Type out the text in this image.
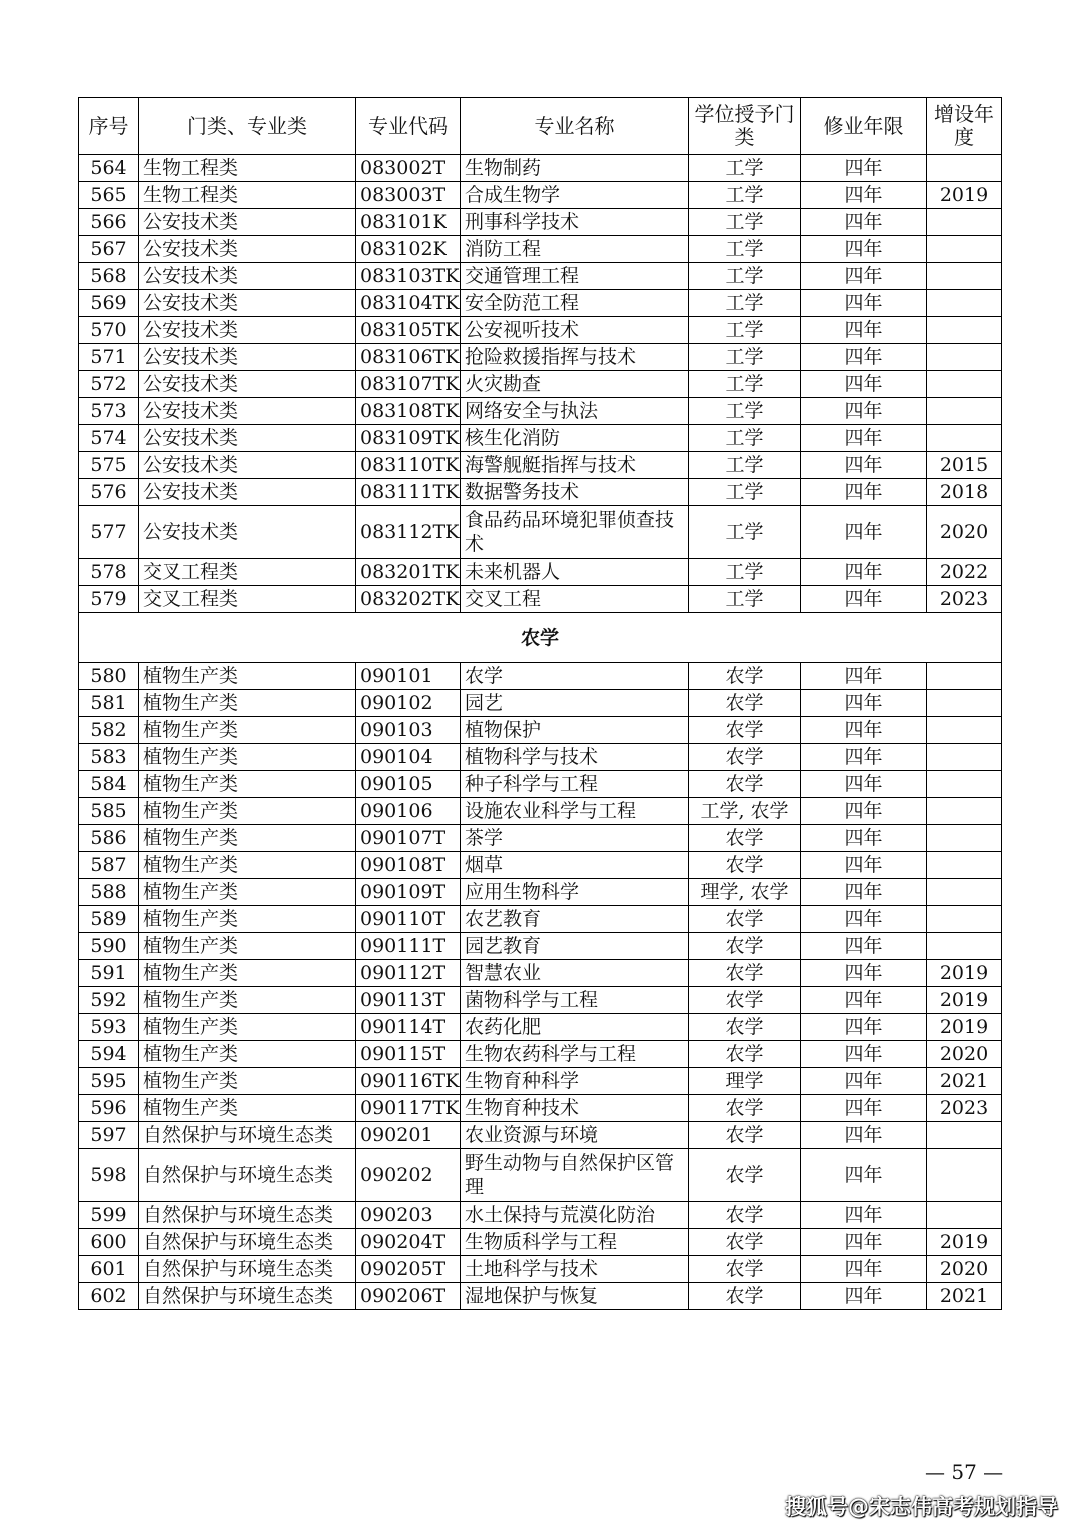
序号	门类、专业类	专业代码	专业名称	学位授予门类	修业年限	增设年度
564	生物工程类	083002T	生物制药	工学	四年	
565	生物工程类	083003T	合成生物学	工学	四年	2019
566	公安技术类	083101K	刑事科学技术	工学	四年	
567	公安技术类	083102K	消防工程	工学	四年	
568	公安技术类	083103TK	交通管理工程	工学	四年	
569	公安技术类	083104TK	安全防范工程	工学	四年	
570	公安技术类	083105TK	公安视听技术	工学	四年	
571	公安技术类	083106TK	抢险救援指挥与技术	工学	四年	
572	公安技术类	083107TK	火灾勘查	工学	四年	
573	公安技术类	083108TK	网络安全与执法	工学	四年	
574	公安技术类	083109TK	核生化消防	工学	四年	
575	公安技术类	083110TK	海警舰艇指挥与技术	工学	四年	2015
576	公安技术类	083111TK	数据警务技术	工学	四年	2018
577	公安技术类	083112TK	食品药品环境犯罪侦查技术	工学	四年	2020
578	交叉工程类	083201TK	未来机器人	工学	四年	2022
579	交叉工程类	083202TK	交叉工程	工学	四年	2023
农学						
580	植物生产类	090101	农学	农学	四年	
581	植物生产类	090102	园艺	农学	四年	
582	植物生产类	090103	植物保护	农学	四年	
583	植物生产类	090104	植物科学与技术	农学	四年	
584	植物生产类	090105	种子科学与工程	农学	四年	
585	植物生产类	090106	设施农业科学与工程	工学, 农学	四年	
586	植物生产类	090107T	茶学	农学	四年	
587	植物生产类	090108T	烟草	农学	四年	
588	植物生产类	090109T	应用生物科学	理学, 农学	四年	
589	植物生产类	090110T	农艺教育	农学	四年	
590	植物生产类	090111T	园艺教育	农学	四年	
591	植物生产类	090112T	智慧农业	农学	四年	2019
592	植物生产类	090113T	菌物科学与工程	农学	四年	2019
593	植物生产类	090114T	农药化肥	农学	四年	2019
594	植物生产类	090115T	生物农药科学与工程	农学	四年	2020
595	植物生产类	090116TK	生物育种科学	理学	四年	2021
596	植物生产类	090117TK	生物育种技术	农学	四年	2023
597	自然保护与环境生态类	090201	农业资源与环境	农学	四年	
598	自然保护与环境生态类	090202	野生动物与自然保护区管理	农学	四年	
599	自然保护与环境生态类	090203	水土保持与荒漠化防治	农学	四年	
600	自然保护与环境生态类	090204T	生物质科学与工程	农学	四年	2019
601	自然保护与环境生态类	090205T	土地科学与技术	农学	四年	2020
602	自然保护与环境生态类	090206T	湿地保护与恢复	农学	四年	2021
— 57 —
搜狐号@宋志伟高考规划指导
